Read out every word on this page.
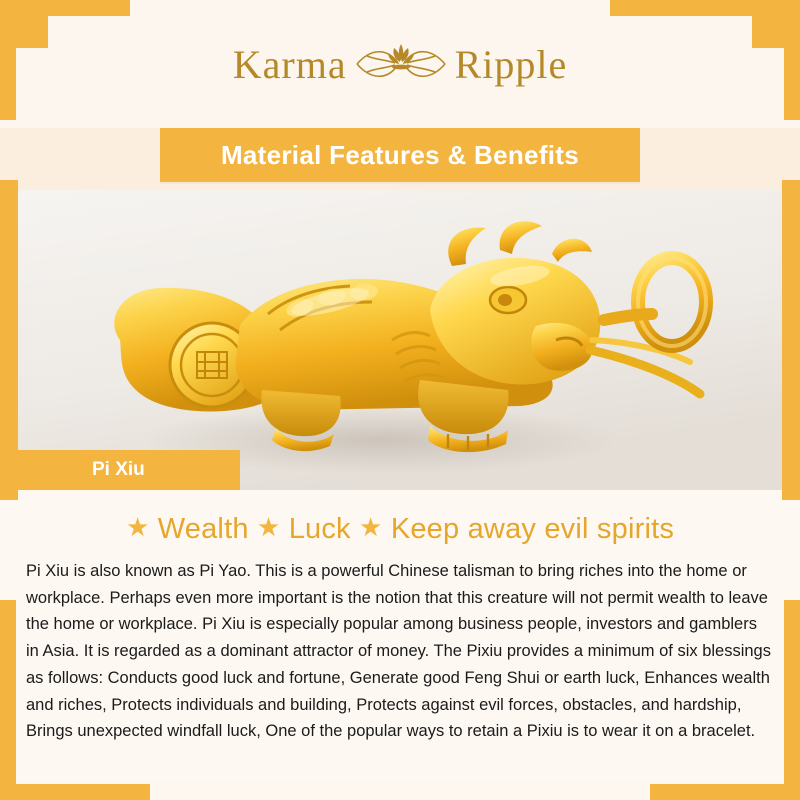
Karma	Ripple
Material Features & Benefits
Pi Xiu
★ Wealth ★ Luck ★ Keep away evil spirits

Pi Xiu is also known as Pi Yao. This is a powerful Chinese talisman to bring riches into the home or workplace. Perhaps even more important is the notion that this creature will not permit wealth to leave the home or workplace. Pi Xiu is especially popular among business people, investors and gamblers in Asia. It is regarded as a dominant attractor of money. The Pixiu provides a minimum of six blessings as follows: Conducts good luck and fortune, Generate good Feng Shui or earth luck, Enhances wealth and riches, Protects individuals and building, Protects against evil forces, obstacles, and hardship, Brings unexpected windfall luck, One of the popular ways to retain a Pixiu is to wear it on a bracelet.
